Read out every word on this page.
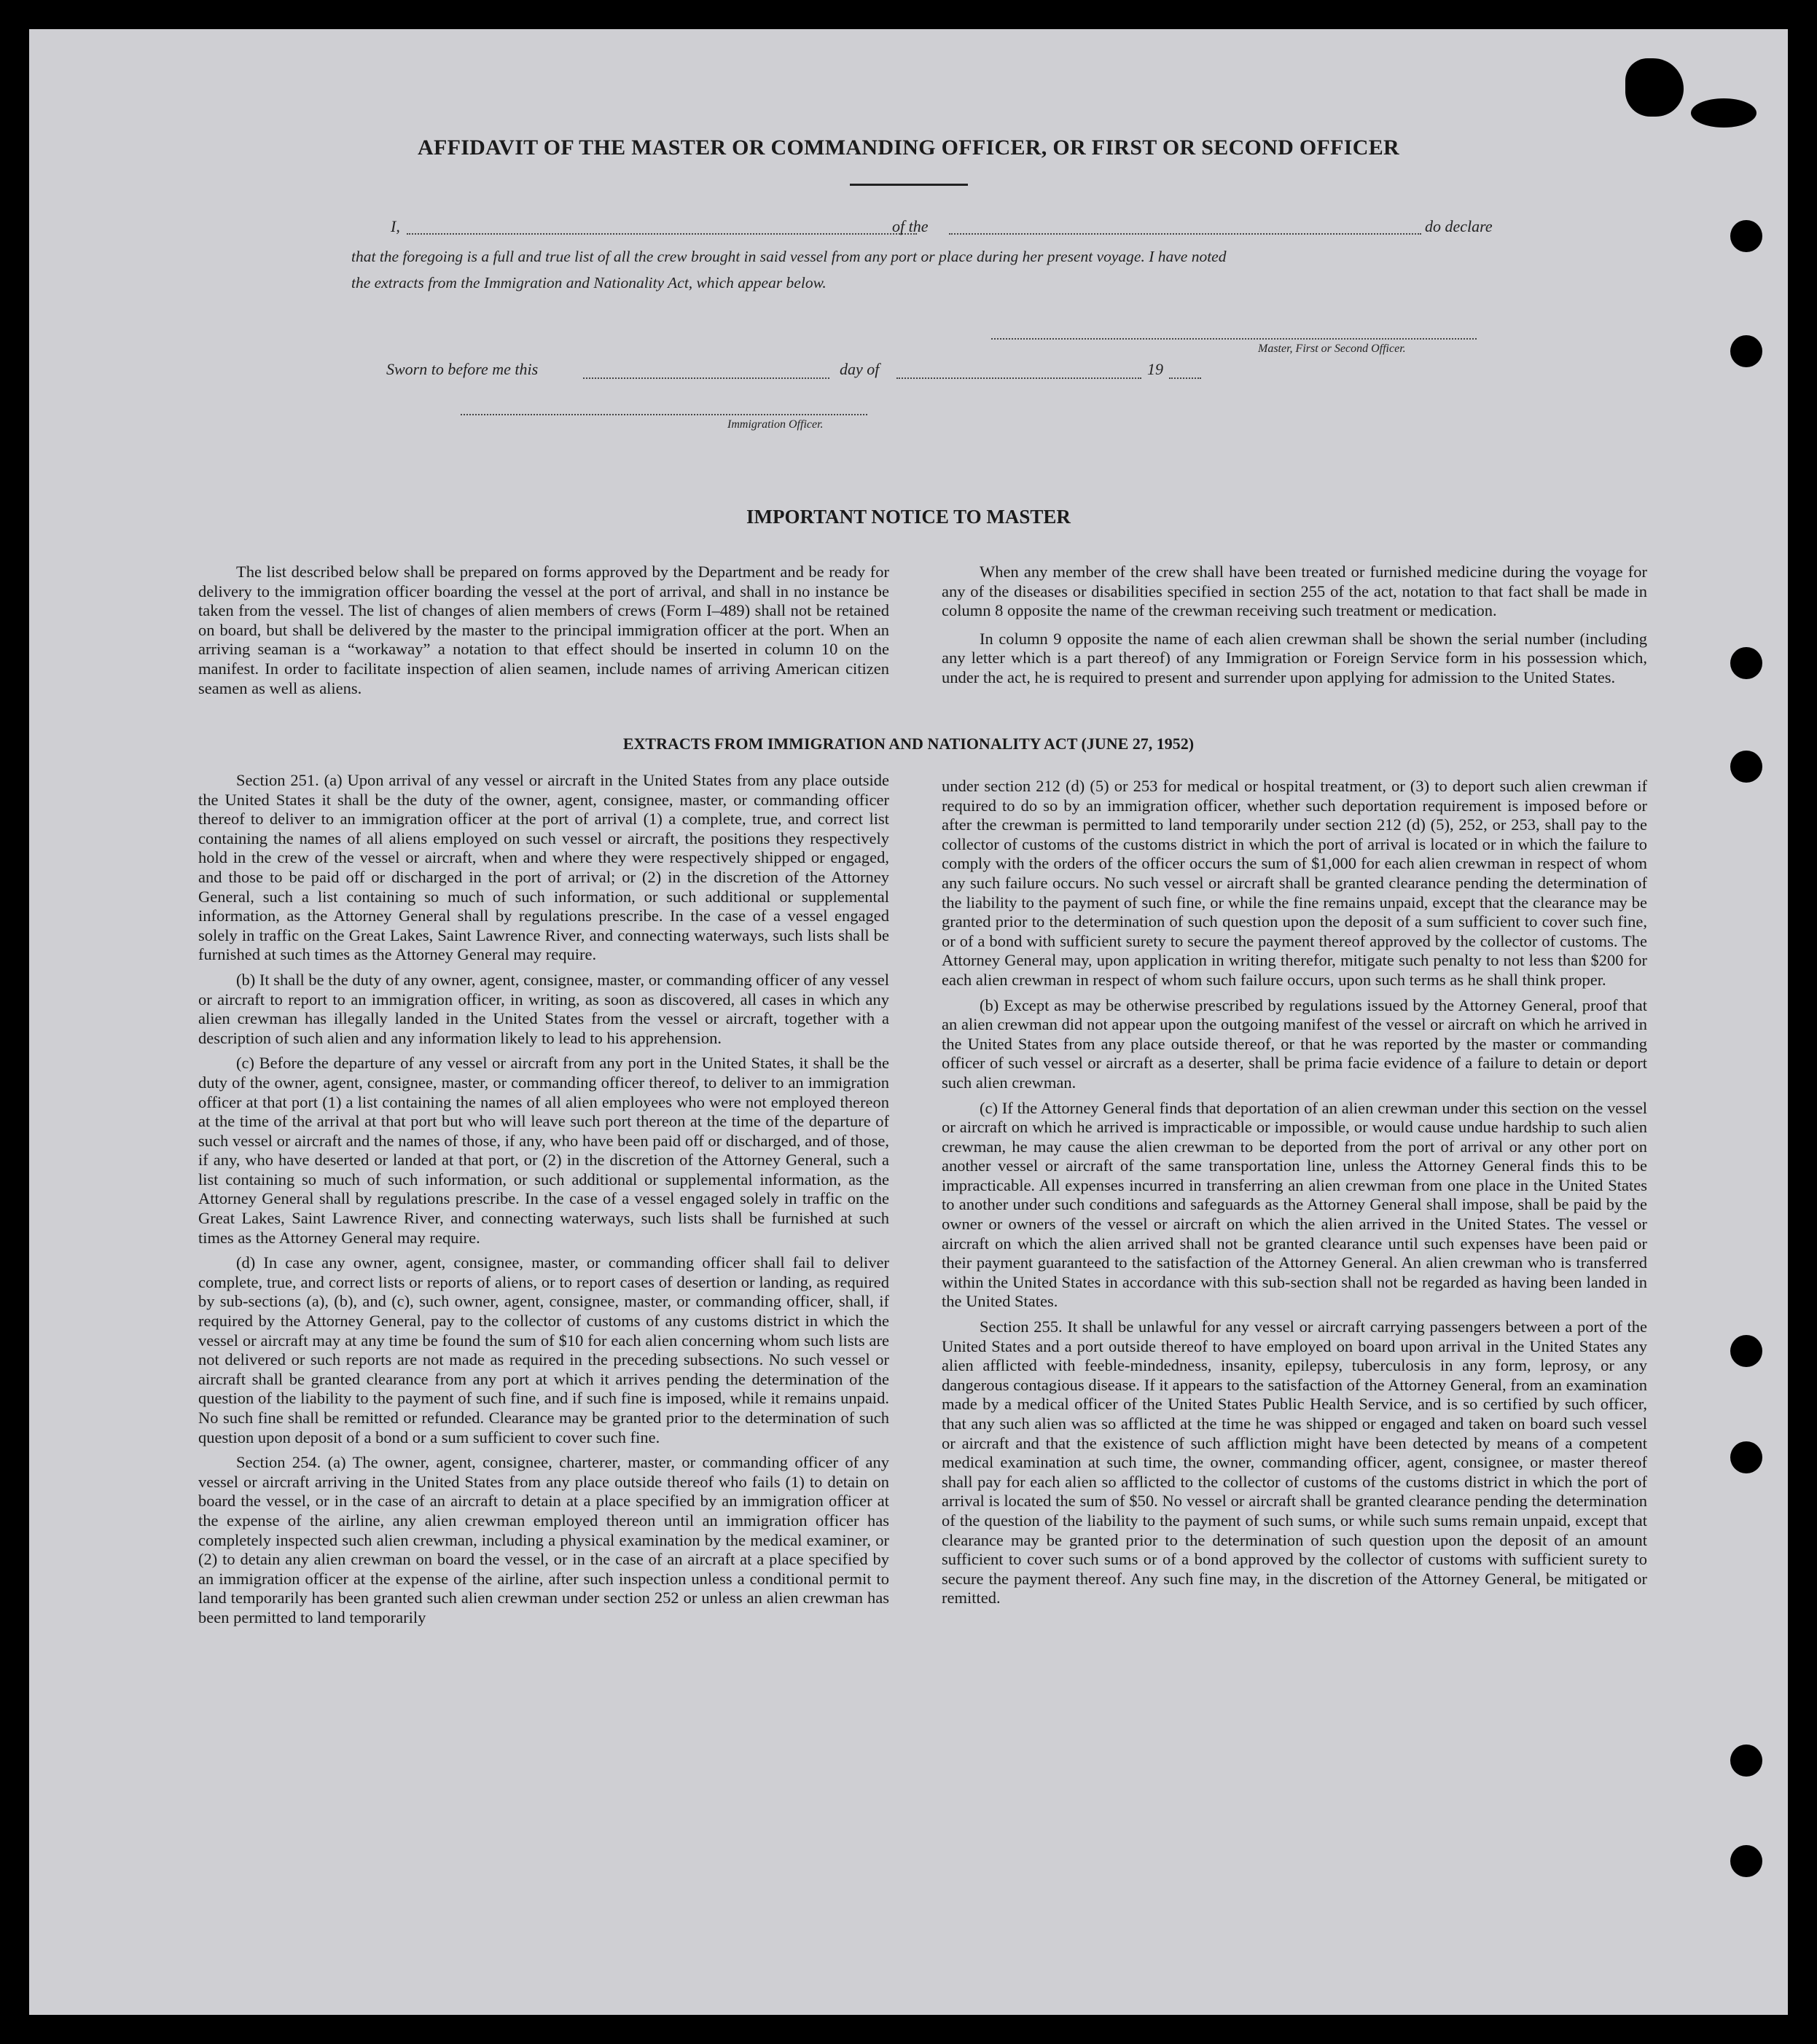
AFFIDAVIT OF THE MASTER OR COMMANDING OFFICER, OR FIRST OR SECOND OFFICER
I,	of the	do declare
that the foregoing is a full and true list of all the crew brought in said vessel from any port or place during her present voyage. I have noted
the extracts from the Immigration and Nationality Act, which appear below.
Master, First or Second Officer.
Sworn to before me this	day of	19
Immigration Officer.
IMPORTANT NOTICE TO MASTER

The list described below shall be prepared on forms approved by the Department and be ready for delivery to the immigration officer boarding the vessel at the port of arrival, and shall in no instance be taken from the vessel. The list of changes of alien members of crews (Form I–489) shall not be retained on board, but shall be delivered by the master to the principal immigration officer at the port. When an arriving seaman is a “workaway” a notation to that effect should be inserted in column 10 on the manifest. In order to facilitate inspection of alien seamen, include names of arriving American citizen seamen as well as aliens.

When any member of the crew shall have been treated or furnished medicine during the voyage for any of the diseases or disabilities specified in section 255 of the act, notation to that fact shall be made in column 8 opposite the name of the crewman receiving such treatment or medication.

In column 9 opposite the name of each alien crewman shall be shown the serial number (including any letter which is a part thereof) of any Immigration or Foreign Service form in his possession which, under the act, he is required to present and surrender upon applying for admission to the United States.

EXTRACTS FROM IMMIGRATION AND NATIONALITY ACT (JUNE 27, 1952)

Section 251. (a) Upon arrival of any vessel or aircraft in the United States from any place outside the United States it shall be the duty of the owner, agent, consignee, master, or commanding officer thereof to deliver to an immigration officer at the port of arrival (1) a complete, true, and correct list containing the names of all aliens employed on such vessel or aircraft, the positions they respectively hold in the crew of the vessel or aircraft, when and where they were respectively shipped or engaged, and those to be paid off or discharged in the port of arrival; or (2) in the discretion of the Attorney General, such a list containing so much of such information, or such additional or supplemental information, as the Attorney General shall by regulations prescribe. In the case of a vessel engaged solely in traffic on the Great Lakes, Saint Lawrence River, and connecting waterways, such lists shall be furnished at such times as the Attorney General may require.

(b) It shall be the duty of any owner, agent, consignee, master, or commanding officer of any vessel or aircraft to report to an immigration officer, in writing, as soon as discovered, all cases in which any alien crewman has illegally landed in the United States from the vessel or aircraft, together with a description of such alien and any information likely to lead to his apprehension.

(c) Before the departure of any vessel or aircraft from any port in the United States, it shall be the duty of the owner, agent, consignee, master, or commanding officer thereof, to deliver to an immigration officer at that port (1) a list containing the names of all alien employees who were not employed thereon at the time of the arrival at that port but who will leave such port thereon at the time of the departure of such vessel or aircraft and the names of those, if any, who have been paid off or discharged, and of those, if any, who have deserted or landed at that port, or (2) in the discretion of the Attorney General, such a list containing so much of such information, or such additional or supplemental information, as the Attorney General shall by regulations prescribe. In the case of a vessel engaged solely in traffic on the Great Lakes, Saint Lawrence River, and connecting waterways, such lists shall be furnished at such times as the Attorney General may require.

(d) In case any owner, agent, consignee, master, or commanding officer shall fail to deliver complete, true, and correct lists or reports of aliens, or to report cases of desertion or landing, as required by sub-sections (a), (b), and (c), such owner, agent, consignee, master, or commanding officer, shall, if required by the Attorney General, pay to the collector of customs of any customs district in which the vessel or aircraft may at any time be found the sum of $10 for each alien concerning whom such lists are not delivered or such reports are not made as required in the preceding subsections. No such vessel or aircraft shall be granted clearance from any port at which it arrives pending the determination of the question of the liability to the payment of such fine, and if such fine is imposed, while it remains unpaid. No such fine shall be remitted or refunded. Clearance may be granted prior to the determination of such question upon deposit of a bond or a sum sufficient to cover such fine.

Section 254. (a) The owner, agent, consignee, charterer, master, or commanding officer of any vessel or aircraft arriving in the United States from any place outside thereof who fails (1) to detain on board the vessel, or in the case of an aircraft to detain at a place specified by an immigration officer at the expense of the airline, any alien crewman employed thereon until an immigration officer has completely inspected such alien crewman, including a physical examination by the medical examiner, or (2) to detain any alien crewman on board the vessel, or in the case of an aircraft at a place specified by an immigration officer at the expense of the airline, after such inspection unless a conditional permit to land temporarily has been granted such alien crewman under section 252 or unless an alien crewman has been permitted to land temporarily

under section 212 (d) (5) or 253 for medical or hospital treatment, or (3) to deport such alien crewman if required to do so by an immigration officer, whether such deportation requirement is imposed before or after the crewman is permitted to land temporarily under section 212 (d) (5), 252, or 253, shall pay to the collector of customs of the customs district in which the port of arrival is located or in which the failure to comply with the orders of the officer occurs the sum of $1,000 for each alien crewman in respect of whom any such failure occurs. No such vessel or aircraft shall be granted clearance pending the determination of the liability to the payment of such fine, or while the fine remains unpaid, except that the clearance may be granted prior to the determination of such question upon the deposit of a sum sufficient to cover such fine, or of a bond with sufficient surety to secure the payment thereof approved by the collector of customs. The Attorney General may, upon application in writing therefor, mitigate such penalty to not less than $200 for each alien crewman in respect of whom such failure occurs, upon such terms as he shall think proper.

(b) Except as may be otherwise prescribed by regulations issued by the Attorney General, proof that an alien crewman did not appear upon the outgoing manifest of the vessel or aircraft on which he arrived in the United States from any place outside thereof, or that he was reported by the master or commanding officer of such vessel or aircraft as a deserter, shall be prima facie evidence of a failure to detain or deport such alien crewman.

(c) If the Attorney General finds that deportation of an alien crewman under this section on the vessel or aircraft on which he arrived is impracticable or impossible, or would cause undue hardship to such alien crewman, he may cause the alien crewman to be deported from the port of arrival or any other port on another vessel or aircraft of the same transportation line, unless the Attorney General finds this to be impracticable. All expenses incurred in transferring an alien crewman from one place in the United States to another under such conditions and safeguards as the Attorney General shall impose, shall be paid by the owner or owners of the vessel or aircraft on which the alien arrived in the United States. The vessel or aircraft on which the alien arrived shall not be granted clearance until such expenses have been paid or their payment guaranteed to the satisfaction of the Attorney General. An alien crewman who is transferred within the United States in accordance with this sub-section shall not be regarded as having been landed in the United States.

Section 255. It shall be unlawful for any vessel or aircraft carrying passengers between a port of the United States and a port outside thereof to have employed on board upon arrival in the United States any alien afflicted with feeble-mindedness, insanity, epilepsy, tuberculosis in any form, leprosy, or any dangerous contagious disease. If it appears to the satisfaction of the Attorney General, from an examination made by a medical officer of the United States Public Health Service, and is so certified by such officer, that any such alien was so afflicted at the time he was shipped or engaged and taken on board such vessel or aircraft and that the existence of such affliction might have been detected by means of a competent medical examination at such time, the owner, commanding officer, agent, consignee, or master thereof shall pay for each alien so afflicted to the collector of customs of the customs district in which the port of arrival is located the sum of $50. No vessel or aircraft shall be granted clearance pending the determination of the question of the liability to the payment of such sums, or while such sums remain unpaid, except that clearance may be granted prior to the determination of such question upon the deposit of an amount sufficient to cover such sums or of a bond approved by the collector of customs with sufficient surety to secure the payment thereof. Any such fine may, in the discretion of the Attorney General, be mitigated or remitted.
